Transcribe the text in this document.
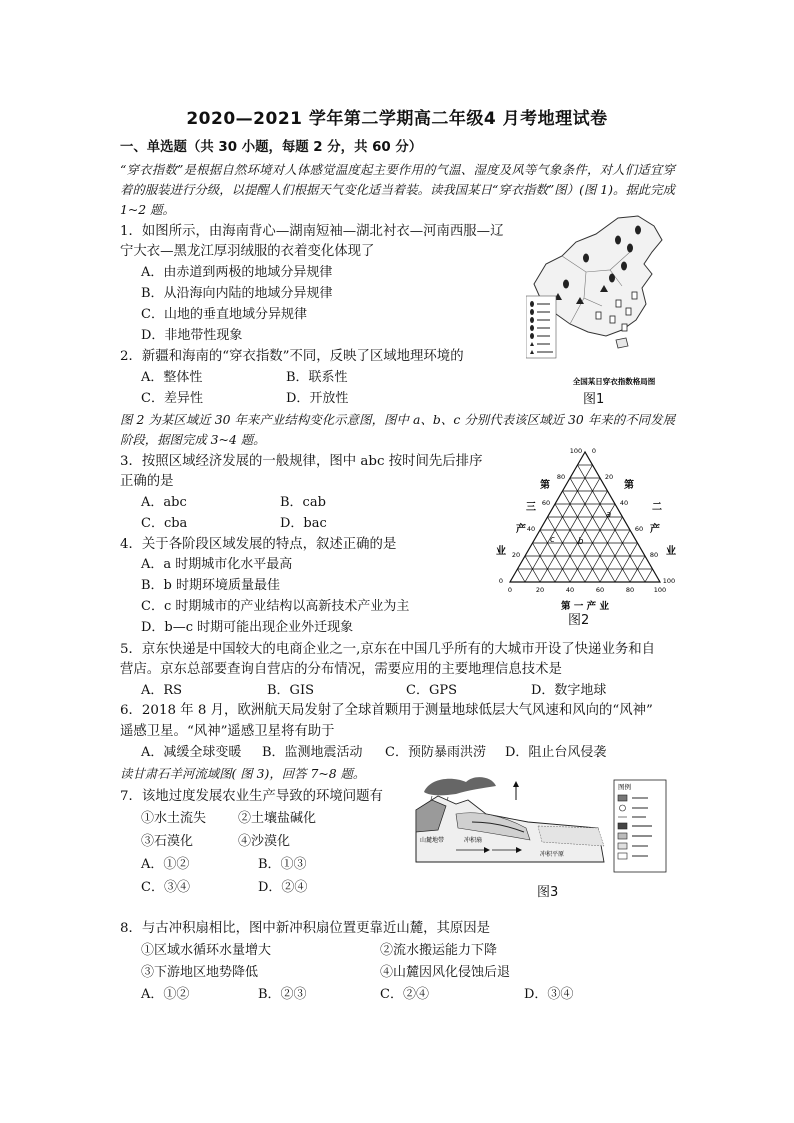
2020—2021 学年第二学期高二年级4 月考地理试卷
一、单选题（共 30 小题，每题 2 分，共 60 分）
“穿衣指数”是根据自然环境对人体感觉温度起主要作用的气温、湿度及风等气象条件，对人们适宜穿着的服装进行分级，以提醒人们根据天气变化适当着装。读我国某日“穿衣指数”图）(图 1)。据此完成 1~2 题。
1．如图所示，由海南背心—湖南短袖—湖北衬衣—河南西服—辽
宁大衣—黑龙江厚羽绒服的衣着变化体现了
A．由赤道到两极的地域分异规律
B．从沿海向内陆的地域分异规律
C．山地的垂直地域分异规律
D．非地带性现象
2．新疆和海南的“穿衣指数”不同，反映了区域地理环境的
A．整体性	B．联系性
C．差异性	D．开放性
全国某日穿衣指数格局图
图1
图 2 为某区域近 30 年来产业结构变化示意图，图中 a、b、c 分别代表该区域近 30 年来的不同发展阶段，据图完成 3~4 题。
3．按照区域经济发展的一般规律，图中 abc 按时间先后排序
正确的是
A．abc	B．cab
C．cba	D．bac
4．关于各阶段区域发展的特点，叙述正确的是
A．a 时期城市化水平最高
B．b 时期环境质量最佳
C．c 时期城市的产业结构以高新技术产业为主
D．b—c 时期可能出现企业外迁现象
第
三
产
业
第
二
产
业
第 一 产 业
100
80
60
40
20
0
0
20
40
60
80
100
0	20	40	60	80	100
a
b
c
图2
5．京东快递是中国较大的电商企业之一,京东在中国几乎所有的大城市开设了快递业务和自
营店。京东总部要查询自营店的分布情况，需要应用的主要地理信息技术是
A．RS	B．GIS	C．GPS	D．数字地球
6．2018 年 8 月，欧洲航天局发射了全球首颗用于测量地球低层大气风速和风向的“风神”
遥感卫星。“风神”遥感卫星将有助于
A．减缓全球变暖 B．监测地震活动 C．预防暴雨洪涝 D．阻止台风侵袭
读甘肃石羊河流域图( 图 3)，回答 7~8 题。
7．该地过度发展农业生产导致的环境问题有
①水土流失 ②土壤盐碱化
③石漠化	④沙漠化
A．①②	B．①③
C．③④	D．②④
山麓地带	冲积扇
冲积平原
图例
图3
8．与古冲积扇相比，图中新冲积扇位置更靠近山麓，其原因是
①区域水循环水量增大	②流水搬运能力下降
③下游地区地势降低	④山麓因风化侵蚀后退
A．①②	B．②③	C．②④	D．③④
